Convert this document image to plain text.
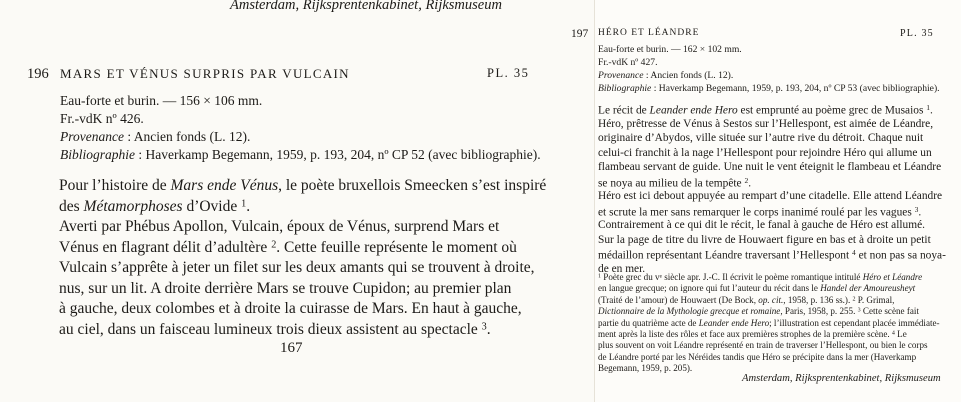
Amsterdam, Rijksprentenkabinet, Rijksmuseum
196 MARS ET VÉNUS SURPRIS PAR VULCAIN	PL. 35
Eau-forte et burin. — 156 × 106 mm.
Fr.-vdK nº 426.
Provenance : Ancien fonds (L. 12).
Bibliographie : Haverkamp Begemann, 1959, p. 193, 204, nº CP 52 (avec bibliographie).
Pour l’histoire de Mars ende Vénus, le poète bruxellois Smeecken s’est inspiré
des Métamorphoses d’Ovide $^1$.
Averti par Phébus Apollon, Vulcain, époux de Vénus, surprend Mars et
Vénus en flagrant délit d’adultère $^2$. Cette feuille représente le moment où
Vulcain s’apprête à jeter un filet sur les deux amants qui se trouvent à droite,
nus, sur un lit. A droite derrière Mars se trouve Cupidon; au premier plan
à gauche, deux colombes et à droite la cuirasse de Mars. En haut à gauche,
au ciel, dans un faisceau lumineux trois dieux assistent au spectacle $^3$.
167
197 HÉRO ET LÉANDRE	PL. 35
Eau-forte et burin. — 162 × 102 mm.
Fr.-vdK nº 427.
Provenance : Ancien fonds (L. 12).
Bibliographie : Haverkamp Begemann, 1959, p. 193, 204, nº CP 53 (avec bibliographie).
Le récit de Leander ende Hero est emprunté au poème grec de Musaios $^1$.
Héro, prêtresse de Vénus à Sestos sur l’Hellespont, est aimée de Léandre,
originaire d’Abydos, ville située sur l’autre rive du détroit. Chaque nuit
celui-ci franchit à la nage l’Hellespont pour rejoindre Héro qui allume un
flambeau servant de guide. Une nuit le vent éteignit le flambeau et Léandre
se noya au milieu de la tempête $^2$.
Héro est ici debout appuyée au rempart d’une citadelle. Elle attend Léandre
et scrute la mer sans remarquer le corps inanimé roulé par les vagues $^3$.
Contrairement à ce qui dit le récit, le fanal à gauche de Héro est allumé.
Sur la page de titre du livre de Houwaert figure en bas et à droite un petit
médaillon représentant Léandre traversant l’Hellespont $^4$ et non pas sa noya-
de en mer.
$^1$ Poète grec du vᵉ siècle apr. J.-C. Il écrivit le poème romantique intitulé Héro et Léandre
en langue grecque; on ignore qui fut l’auteur du récit dans le Handel der Amoureusheyt
(Traité de l’amour) de Houwaert (De Bock, op. cit., 1958, p. 136 ss.). $^2$ P. Grimal,
Dictionnaire de la Mythologie grecque et romaine, Paris, 1958, p. 255. $^3$ Cette scène fait
partie du quatrième acte de Leander ende Hero; l’illustration est cependant placée immédiate-
ment après la liste des rôles et face aux premières strophes de la première scène. $^4$ Le
plus souvent on voit Léandre représenté en train de traverser l’Hellespont, ou bien le corps
de Léandre porté par les Néréides tandis que Héro se précipite dans la mer (Haverkamp
Begemann, 1959, p. 205).
Amsterdam, Rijksprentenkabinet, Rijksmuseum
